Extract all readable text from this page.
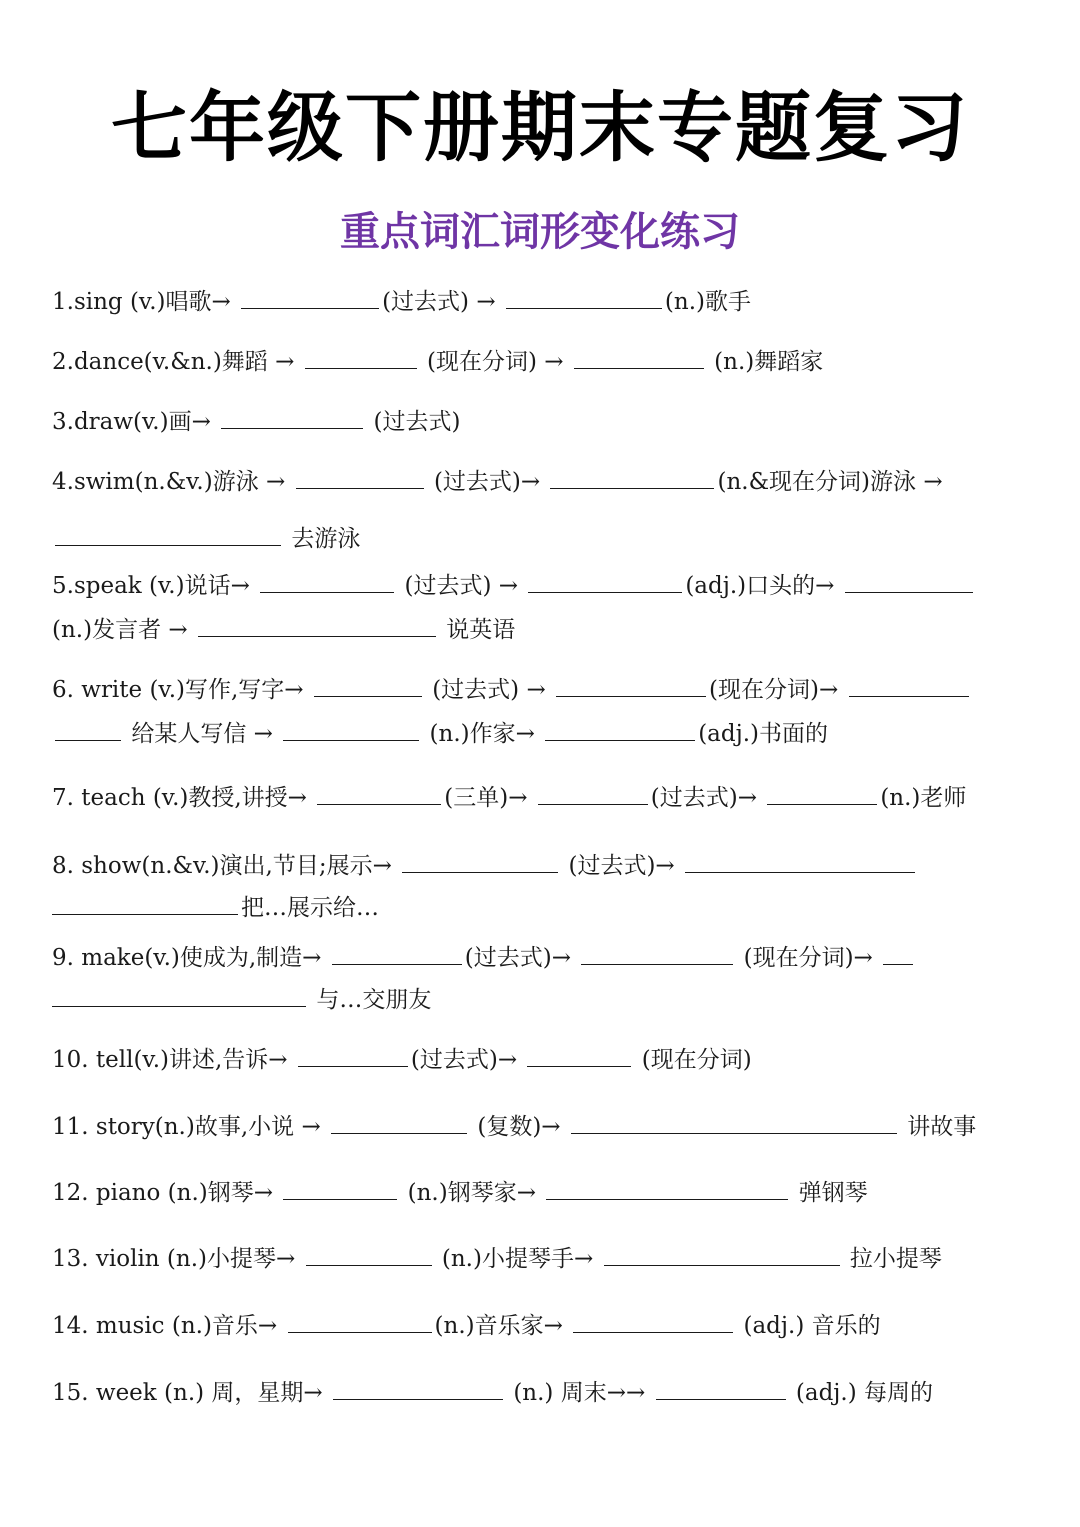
七年级下册期末专题复习
重点词汇词形变化练习

1.sing (v.)唱歌→	(过去式) →	(n.)歌手

2.dance(v.&n.)舞蹈 →	(现在分词) →	(n.)舞蹈家

3.draw(v.)画→	(过去式)

4.swim(n.&v.)游泳 →	(过去式)→	(n.&现在分词)游泳 →

去游泳

5.speak (v.)说话→	(过去式) →	(adj.)口头的→

(n.)发言者 →	说英语

6. write (v.)写作,写字→	(过去式) →	(现在分词)→

给某人写信 →	(n.)作家→	(adj.)书面的

7. teach (v.)教授,讲授→	(三单)→	(过去式)→	(n.)老师

8. show(n.&v.)演出,节目;展示→	(过去式)→

把…展示给…

9. make(v.)使成为,制造→	(过去式)→	(现在分词)→

与…交朋友

10. tell(v.)讲述,告诉→	(过去式)→	(现在分词)

11. story(n.)故事,小说 →	(复数)→	讲故事

12. piano (n.)钢琴→	(n.)钢琴家→	弹钢琴

13. violin (n.)小提琴→	(n.)小提琴手→	拉小提琴

14. music (n.)音乐→	(n.)音乐家→	(adj.) 音乐的

15. week (n.) 周，星期→	(n.) 周末→→	(adj.) 每周的
